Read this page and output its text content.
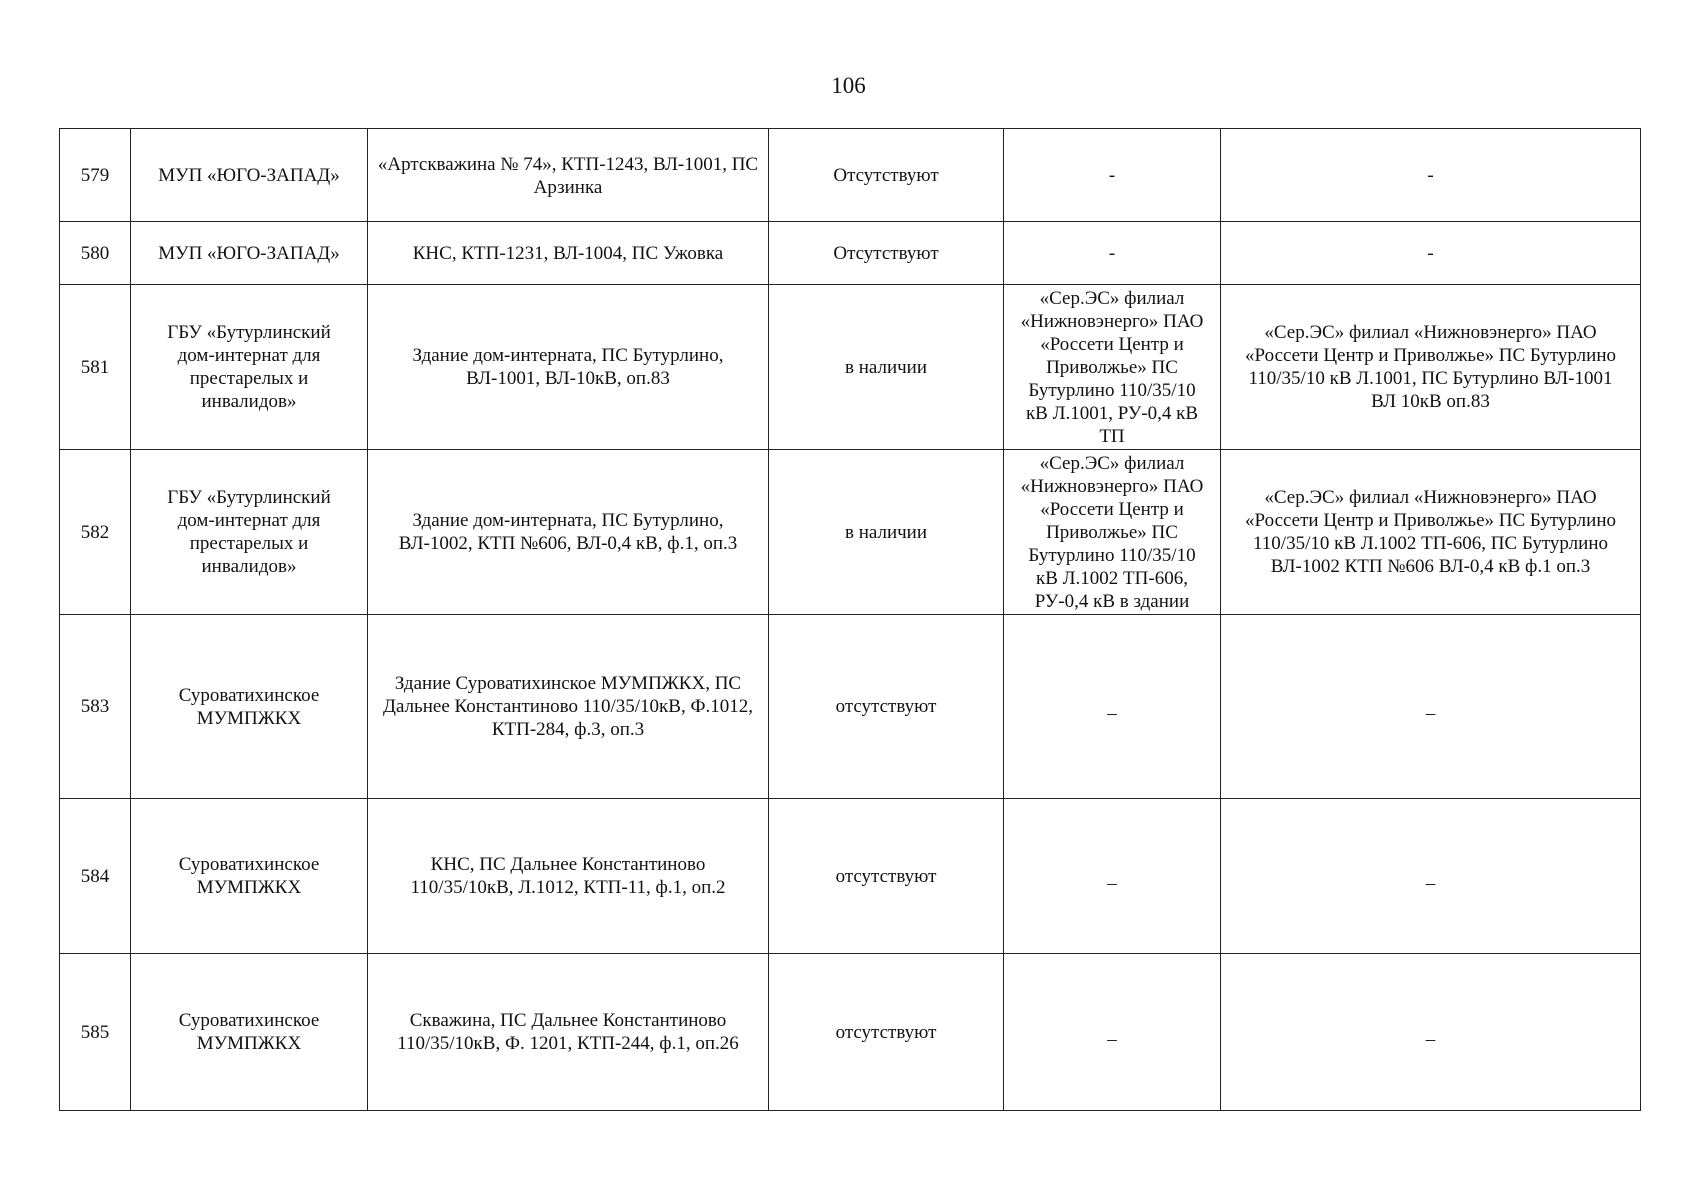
106
579	МУП «ЮГО-ЗАПАД»	«Артскважина № 74», КТП-1243, ВЛ-1001, ПС Арзинка	Отсутствуют	-	-
580	МУП «ЮГО-ЗАПАД»	КНС, КТП-1231, ВЛ-1004, ПС Ужовка	Отсутствуют	-	-
581	ГБУ «Бутурлинский дом-интернат для престарелых и инвалидов»	Здание дом-интерната, ПС Бутурлино, ВЛ-1001, ВЛ-10кВ, оп.83	в наличии	«Сер.ЭС» филиал «Нижновэнерго» ПАО «Россети Центр и Приволжье» ПС Бутурлино 110/35/10 кВ Л.1001, РУ-0,4 кВ ТП	«Сер.ЭС» филиал «Нижновэнерго» ПАО «Россети Центр и Приволжье» ПС Бутурлино 110/35/10 кВ Л.1001, ПС Бутурлино ВЛ-1001 ВЛ 10кВ оп.83
582	ГБУ «Бутурлинский дом-интернат для престарелых и инвалидов»	Здание дом-интерната, ПС Бутурлино, ВЛ-1002, КТП №606, ВЛ-0,4 кВ, ф.1, оп.3	в наличии	«Сер.ЭС» филиал «Нижновэнерго» ПАО «Россети Центр и Приволжье» ПС Бутурлино 110/35/10 кВ Л.1002 ТП-606, РУ-0,4 кВ в здании	«Сер.ЭС» филиал «Нижновэнерго» ПАО «Россети Центр и Приволжье» ПС Бутурлино 110/35/10 кВ Л.1002 ТП-606, ПС Бутурлино ВЛ-1002 КТП №606 ВЛ-0,4 кВ ф.1 оп.3
583	Суроватихинское МУМПЖКХ	Здание Суроватихинское МУМПЖКХ, ПС Дальнее Константиново 110/35/10кВ, Ф.1012, КТП-284, ф.3, оп.3	отсутствуют	–	–
584	Суроватихинское МУМПЖКХ	КНС, ПС Дальнее Константиново 110/35/10кВ, Л.1012, КТП-11, ф.1, оп.2	отсутствуют	–	–
585	Суроватихинское МУМПЖКХ	Скважина, ПС Дальнее Константиново 110/35/10кВ, Ф. 1201, КТП-244, ф.1, оп.26	отсутствуют	–	–
